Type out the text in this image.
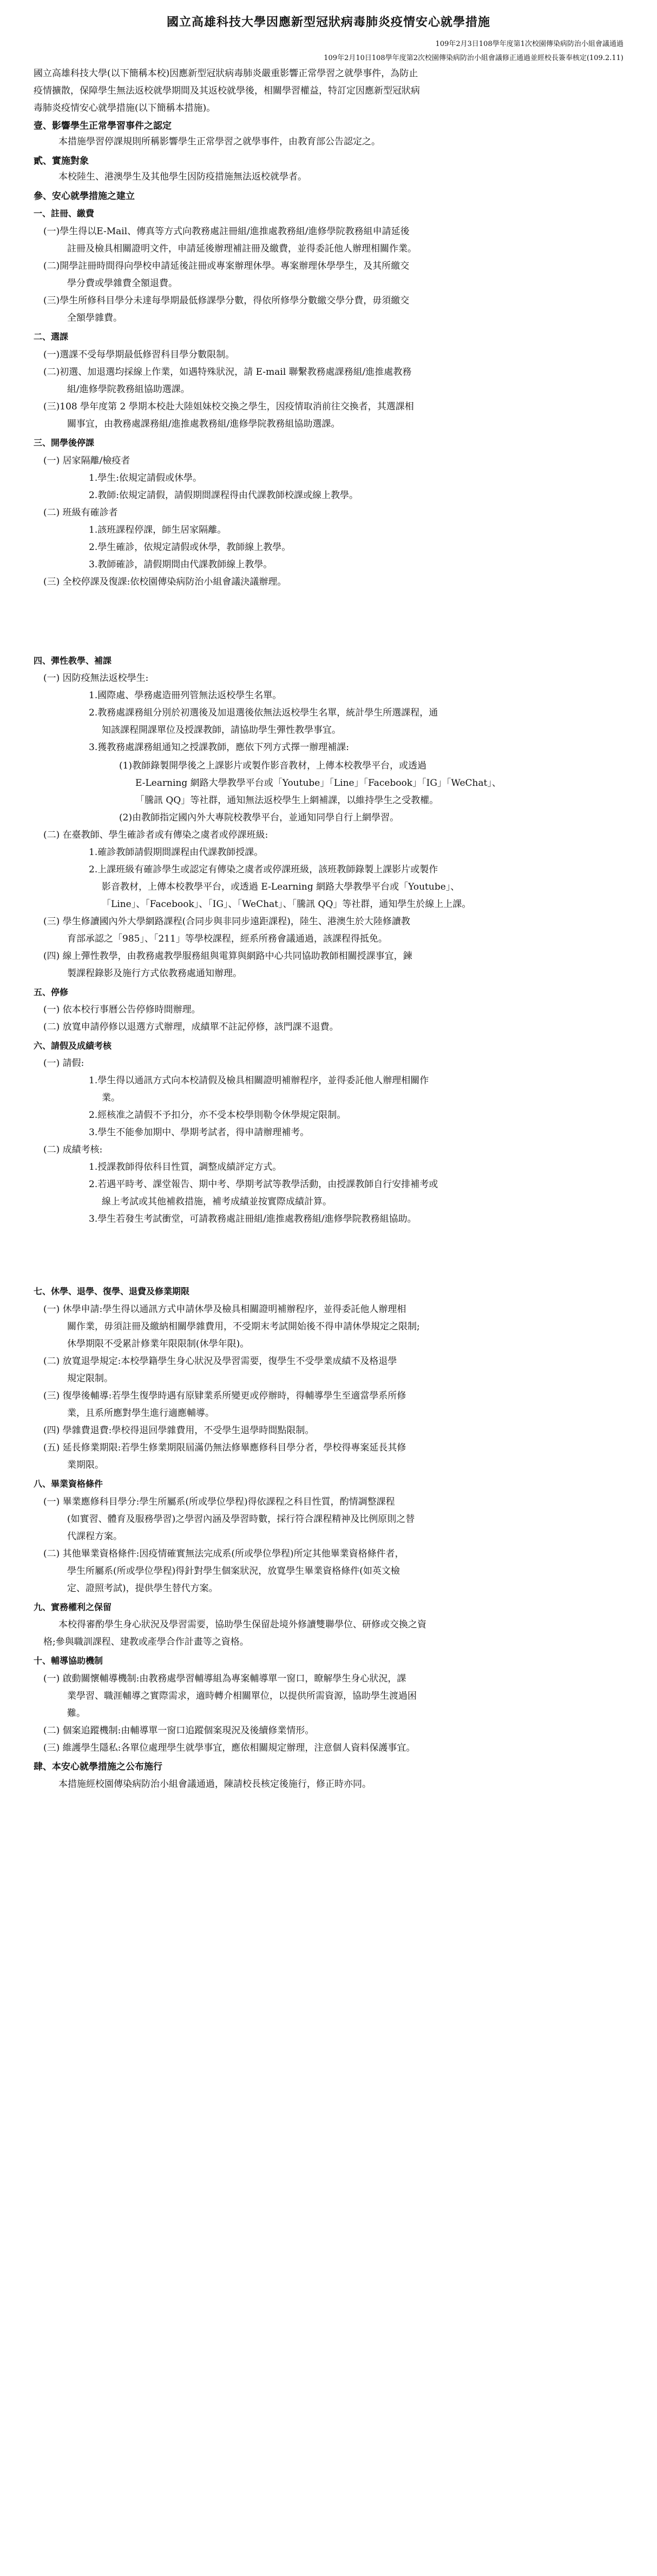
國立高雄科技大學因應新型冠狀病毒肺炎疫情安心就學措施
109年2月3日108學年度第1次校園傳染病防治小組會議通過
109年2月10日108學年度第2次校園傳染病防治小組會議修正通過並經校長簽奉核定(109.2.11)
國立高雄科技大學(以下簡稱本校)因應新型冠狀病毒肺炎嚴重影響正常學習之就學事件，為防止
疫情擴散，保障學生無法返校就學期間及其返校就學後，相關學習權益，特訂定因應新型冠狀病
毒肺炎疫情安心就學措施(以下簡稱本措施)。
壹、影響學生正常學習事件之認定
本措施學習停課規則所稱影響學生正常學習之就學事件，由教育部公告認定之。
貳、實施對象
本校陸生、港澳學生及其他學生因防疫措施無法返校就學者。
參、安心就學措施之建立
一、註冊、繳費
(一)學生得以E-Mail、傳真等方式向教務處註冊組/進推處教務組/進修學院教務組申請延後
註冊及檢具相關證明文件，申請延後辦理補註冊及繳費，並得委託他人辦理相關作業。
(二)開學註冊時間得向學校申請延後註冊或專案辦理休學。專案辦理休學學生，及其所繳交
學分費或學雜費全額退費。
(三)學生所修科目學分未達每學期最低修課學分數，得依所修學分數繳交學分費，毋須繳交
全額學雜費。
二、選課
(一)選課不受每學期最低修習科目學分數限制。
(二)初選、加退選均採線上作業，如遇特殊狀況，請 E-mail 聯繫教務處課務組/進推處教務
組/進修學院教務組協助選課。
(三)108 學年度第 2 學期本校赴大陸姐妹校交換之學生，因疫情取消前往交換者，其選課相
關事宜，由教務處課務組/進推處教務組/進修學院教務組協助選課。
三、開學後停課
(一) 居家隔離/檢疫者
1.學生:依規定請假或休學。
2.教師:依規定請假，請假期間課程得由代課教師校課或線上教學。
(二) 班級有確診者
1.該班課程停課，師生居家隔離。
2.學生確診，依規定請假或休學，教師線上教學。
3.教師確診，請假期間由代課教師線上教學。
(三) 全校停課及復課:依校園傳染病防治小組會議決議辦理。
四、彈性教學、補課
(一) 因防疫無法返校學生:
1.國際處、學務處造冊列管無法返校學生名單。
2.教務處課務組分別於初選後及加退選後依無法返校學生名單，統計學生所選課程，通
知該課程開課單位及授課教師，請協助學生彈性教學事宜。
3.獲教務處課務組通知之授課教師，應依下列方式擇一辦理補課:
(1)教師錄製開學後之上課影片或製作影音教材，上傳本校教學平台，或透過
E-Learning 網路大學教學平台或「Youtube」「Line」「Facebook」「IG」「WeChat」、
「騰訊 QQ」等社群，通知無法返校學生上網補課，以維持學生之受教權。
(2)由教師指定國內外大專院校教學平台，並通知同學自行上網學習。
(二) 在臺教師、學生確診者或有傳染之虞者或停課班級:
1.確診教師請假期間課程由代課教師授課。
2.上課班級有確診學生或認定有傳染之虞者或停課班級，該班教師錄製上課影片或製作
影音教材，上傳本校教學平台，或透過 E-Learning 網路大學教學平台或「Youtube」、
「Line」、「Facebook」、「IG」、「WeChat」、「騰訊 QQ」等社群，通知學生於線上上課。
(三) 學生修讀國內外大學網路課程(合同步與非同步遠距課程)，陸生、港澳生於大陸修讀教
育部承認之「985」、「211」等學校課程，經系所務會議通過，該課程得抵免。
(四) 線上彈性教學，由教務處教學服務組與電算與網路中心共同協助教師相關授課事宜，鍊
製課程錄影及施行方式依教務處通知辦理。
五、停修
(一) 依本校行事曆公告停修時間辦理。
(二) 放寬申請停修以退選方式辦理，成績單不註記停修，該門課不退費。
六、請假及成績考核
(一) 請假:
1.學生得以通訊方式向本校請假及檢具相關證明補辦程序，並得委託他人辦理相關作
業。
2.經核准之請假不予扣分，亦不受本校學則勒令休學規定限制。
3.學生不能參加期中、學期考試者，得申請辦理補考。
(二) 成績考核:
1.授課教師得依科目性質，調整成績評定方式。
2.若遇平時考、課堂報告、期中考、學期考試等教學活動，由授課教師自行安排補考或
線上考試或其他補救措施，補考成績並按實際成績計算。
3.學生若發生考試衝堂，可請教務處註冊組/進推處教務組/進修學院教務組協助。
七、休學、退學、復學、退費及修業期限
(一) 休學申請:學生得以通訊方式申請休學及檢具相關證明補辦程序，並得委託他人辦理相
關作業，毋須註冊及繳納相關學雜費用，不受期末考試開始後不得申請休學規定之限制;
休學期限不受累計修業年限限制(休學年限)。
(二) 放寬退學規定:本校學籍學生身心狀況及學習需要，復學生不受學業成績不及格退學
規定限制。
(三) 復學後輔導:若學生復學時遇有原肄業系所變更或停辦時，得輔導學生至適當學系所修
業，且系所應對學生進行適應輔導。
(四) 學雜費退費:學校得退回學雜費用，不受學生退學時間點限制。
(五) 延長修業期限:若學生修業期限屆滿仍無法修畢應修科目學分者，學校得專案延長其修
業期限。
八、畢業資格條件
(一) 畢業應修科目學分:學生所屬系(所或學位學程)得依課程之科目性質，酌情調整課程
(如實習、體育及服務學習)之學習內涵及學習時數，採行符合課程精神及比例原則之替
代課程方案。
(二) 其他畢業資格條件:因疫情確實無法完成系(所或學位學程)所定其他畢業資格條件者，
學生所屬系(所或學位學程)得針對學生個案狀況，放寬學生畢業資格條件(如英文檢
定、證照考試)，提供學生替代方案。
九、實務權利之保留
本校得審酌學生身心狀況及學習需要，協助學生保留赴境外修讀雙聯學位、研修或交換之資
格;參與職訓課程、建教或產學合作計畫等之資格。
十、輔導協助機制
(一) 啟動關懷輔導機制:由教務處學習輔導組為專案輔導單一窗口，瞭解學生身心狀況，課
業學習、職涯輔導之實際需求，適時轉介相關單位，以提供所需資源，協助學生渡過困
難。
(二) 個案追蹤機制:由輔導單一窗口追蹤個案現況及後續修業情形。
(三) 維護學生隱私:各單位處理學生就學事宜，應依相關規定辦理，注意個人資料保護事宜。
肆、本安心就學措施之公布施行
本措施經校園傳染病防治小組會議通過，陳請校長核定後施行，修正時亦同。
